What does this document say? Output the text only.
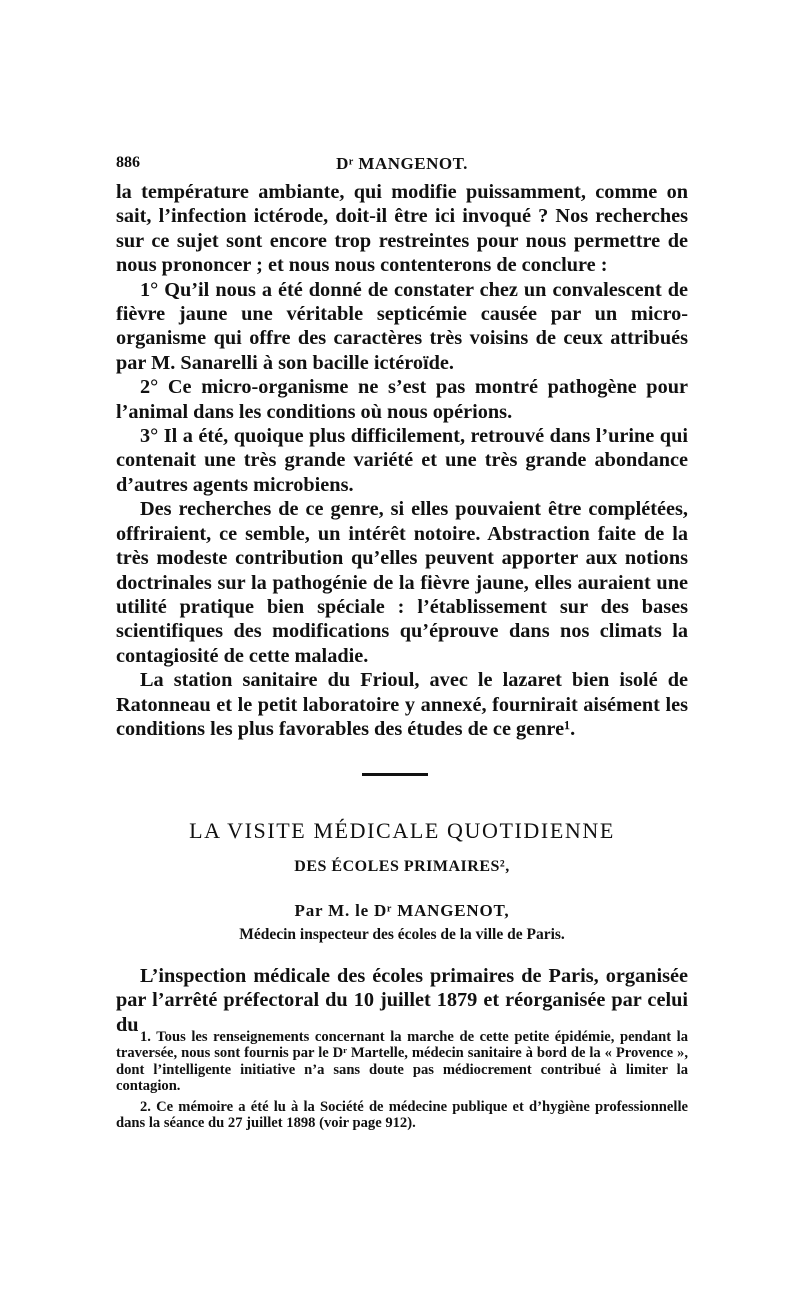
886	Dʳ MANGENOT.

la température ambiante, qui modifie puissamment, comme on sait, l’infection ictérode, doit-il être ici invoqué ? Nos recherches sur ce sujet sont encore trop restreintes pour nous permettre de nous prononcer ; et nous nous contenterons de conclure :

1° Qu’il nous a été donné de constater chez un convalescent de fièvre jaune une véritable septicémie causée par un micro-organisme qui offre des caractères très voisins de ceux attribués par M. Sanarelli à son bacille ictéroïde.

2° Ce micro-organisme ne s’est pas montré pathogène pour l’animal dans les conditions où nous opérions.

3° Il a été, quoique plus difficilement, retrouvé dans l’urine qui contenait une très grande variété et une très grande abondance d’autres agents microbiens.

Des recherches de ce genre, si elles pouvaient être complétées, offriraient, ce semble, un intérêt notoire. Abstraction faite de la très modeste contribution qu’elles peuvent apporter aux notions doctrinales sur la pathogénie de la fièvre jaune, elles auraient une utilité pratique bien spéciale : l’établissement sur des bases scientifiques des modifications qu’éprouve dans nos climats la contagiosité de cette maladie.

La station sanitaire du Frioul, avec le lazaret bien isolé de Ratonneau et le petit laboratoire y annexé, fournirait aisément les conditions les plus favorables des études de ce genre¹.

LA VISITE MÉDICALE QUOTIDIENNE
DES ÉCOLES PRIMAIRES²,
Par M. le Dʳ MANGENOT,
Médecin inspecteur des écoles de la ville de Paris.

L’inspection médicale des écoles primaires de Paris, organisée par l’arrêté préfectoral du 10 juillet 1879 et réorganisée par celui du

1. Tous les renseignements concernant la marche de cette petite épidémie, pendant la traversée, nous sont fournis par le Dʳ Martelle, médecin sanitaire à bord de la « Provence », dont l’intelligente initiative n’a sans doute pas médiocrement contribué à limiter la contagion.

2. Ce mémoire a été lu à la Société de médecine publique et d’hygiène professionnelle dans la séance du 27 juillet 1898 (voir page 912).
